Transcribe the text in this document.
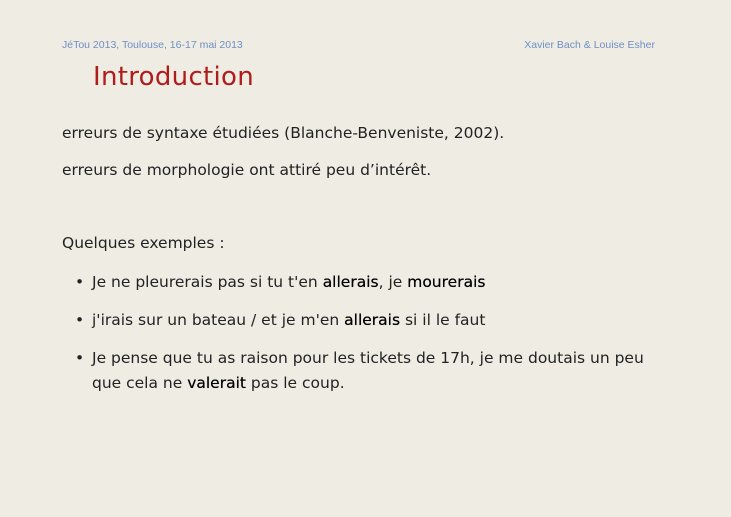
JéTou 2013, Toulouse, 16-17 mai 2013	Xavier Bach & Louise Esher
Introduction
erreurs de syntaxe étudiées (Blanche-Benveniste, 2002).
erreurs de morphologie ont attiré peu d’intérêt.
Quelques exemples :
• Je ne pleurerais pas si tu t'en allerais, je mourerais
• j'irais sur un bateau / et je m'en allerais si il le faut
• Je pense que tu as raison pour les tickets de 17h, je me doutais un peu que cela ne valerait pas le coup.
